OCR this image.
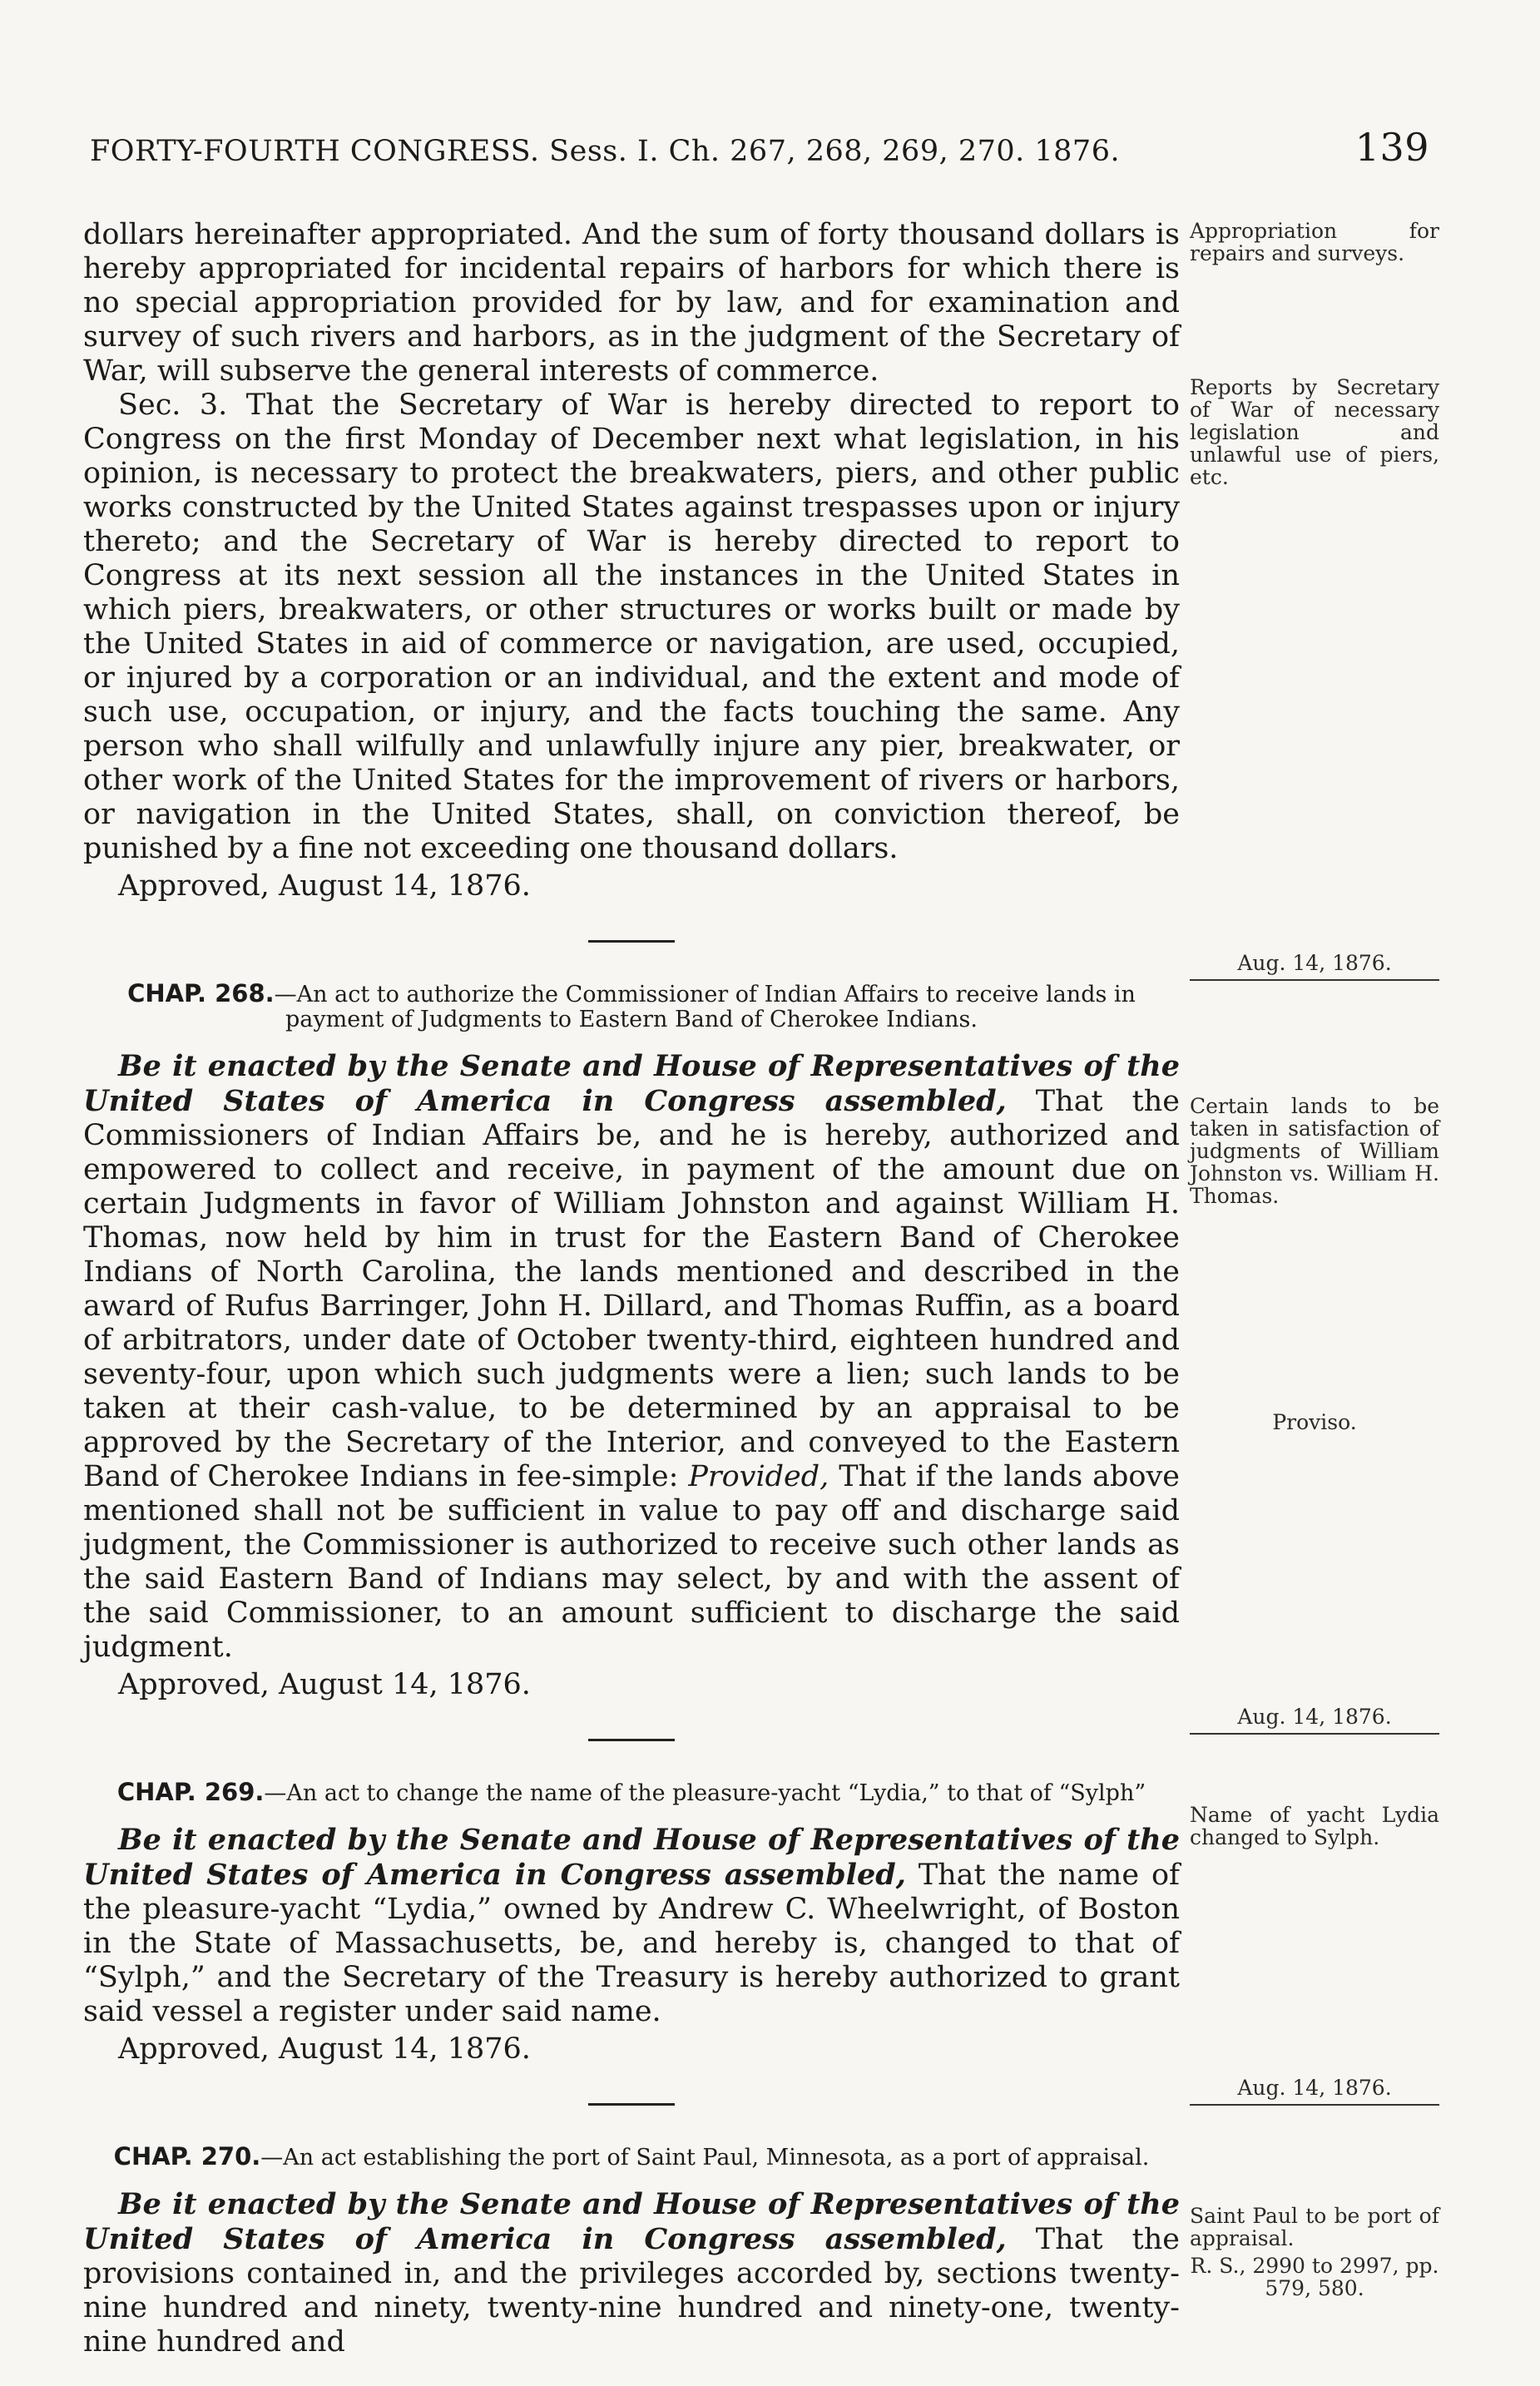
FORTY-FOURTH CONGRESS. Sess. I. Ch. 267, 268, 269, 270. 1876.	139

dollars hereinafter appropriated. And the sum of forty thousand dollars is hereby appropriated for incidental repairs of harbors for which there is no special appropriation provided for by law, and for examination and survey of such rivers and harbors, as in the judgment of the Secretary of War, will subserve the general interests of commerce.

Sec. 3. That the Secretary of War is hereby directed to report to Congress on the first Monday of December next what legislation, in his opinion, is necessary to protect the breakwaters, piers, and other public works constructed by the United States against trespasses upon or injury thereto; and the Secretary of War is hereby directed to report to Congress at its next session all the instances in the United States in which piers, breakwaters, or other structures or works built or made by the United States in aid of commerce or navigation, are used, occupied, or injured by a corporation or an individual, and the extent and mode of such use, occupation, or injury, and the facts touching the same. Any person who shall wilfully and unlawfully injure any pier, breakwater, or other work of the United States for the improvement of rivers or harbors, or navigation in the United States, shall, on conviction thereof, be punished by a fine not exceeding one thousand dollars.

Approved, August 14, 1876.

CHAP. 268.—An act to authorize the Commissioner of Indian Affairs to receive lands in payment of Judgments to Eastern Band of Cherokee Indians.

Be it enacted by the Senate and House of Representatives of the United States of America in Congress assembled, That the Commissioners of Indian Affairs be, and he is hereby, authorized and empowered to collect and receive, in payment of the amount due on certain Judgments in favor of William Johnston and against William H. Thomas, now held by him in trust for the Eastern Band of Cherokee Indians of North Carolina, the lands mentioned and described in the award of Rufus Barringer, John H. Dillard, and Thomas Ruffin, as a board of arbitrators, under date of October twenty-third, eighteen hundred and seventy-four, upon which such judgments were a lien; such lands to be taken at their cash-value, to be determined by an appraisal to be approved by the Secretary of the Interior, and conveyed to the Eastern Band of Cherokee Indians in fee-simple: Provided, That if the lands above mentioned shall not be sufficient in value to pay off and discharge said judgment, the Commissioner is authorized to receive such other lands as the said Eastern Band of Indians may select, by and with the assent of the said Commissioner, to an amount sufficient to discharge the said judgment.

Approved, August 14, 1876.

CHAP. 269.—An act to change the name of the pleasure-yacht “Lydia,” to that of “Sylph”

Be it enacted by the Senate and House of Representatives of the United States of America in Congress assembled, That the name of the pleasure-yacht “Lydia,” owned by Andrew C. Wheelwright, of Boston in the State of Massachusetts, be, and hereby is, changed to that of “Sylph,” and the Secretary of the Treasury is hereby authorized to grant said vessel a register under said name.

Approved, August 14, 1876.

CHAP. 270.—An act establishing the port of Saint Paul, Minnesota, as a port of appraisal.

Be it enacted by the Senate and House of Representatives of the United States of America in Congress assembled, That the provisions contained in, and the privileges accorded by, sections twenty-nine hundred and ninety, twenty-nine hundred and ninety-one, twenty-nine hundred and

Appropriation for repairs and surveys.
Reports by Secretary of War of necessary legislation and unlawful use of piers, etc.
Aug. 14, 1876.
Certain lands to be taken in satisfaction of judgments of William Johnston vs. William H. Thomas.
Proviso.
Aug. 14, 1876.
Name of yacht Lydia changed to Sylph.
Aug. 14, 1876.
Saint Paul to be port of appraisal.
R. S., 2990 to 2997, pp. 579, 580.
